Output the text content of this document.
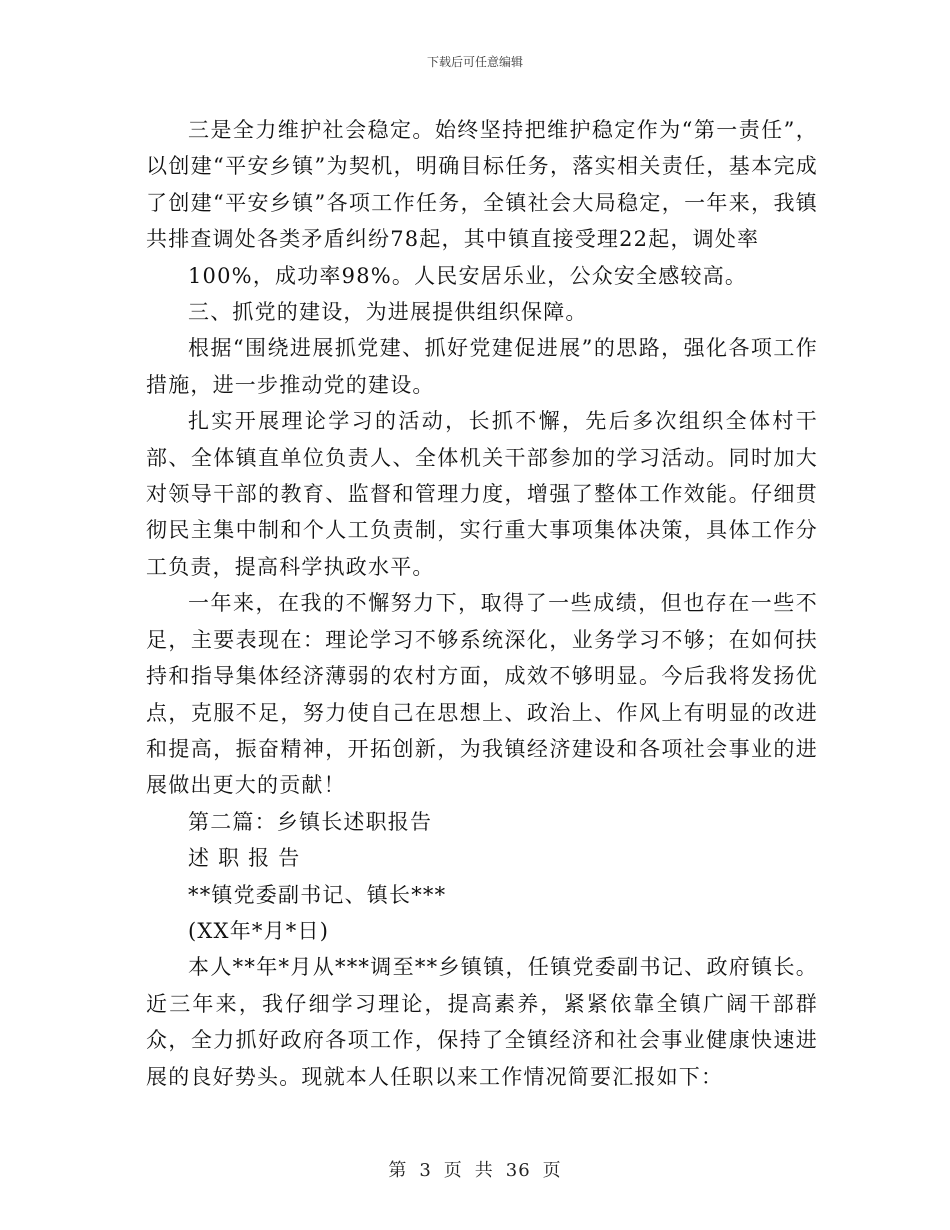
下载后可任意编辑

三是全力维护社会稳定。始终坚持把维护稳定作为“第一责任”，以创建“平安乡镇”为契机，明确目标任务，落实相关责任，基本完成了创建“平安乡镇”各项工作任务，全镇社会大局稳定，一年来，我镇共排查调处各类矛盾纠纷78起，其中镇直接受理22起，调处率

100%，成功率98%。人民安居乐业，公众安全感较高。

三、抓党的建设，为进展提供组织保障。

根据“围绕进展抓党建、抓好党建促进展”的思路，强化各项工作措施，进一步推动党的建设。

扎实开展理论学习的活动，长抓不懈，先后多次组织全体村干部、全体镇直单位负责人、全体机关干部参加的学习活动。同时加大对领导干部的教育、监督和管理力度，增强了整体工作效能。仔细贯彻民主集中制和个人工负责制，实行重大事项集体决策，具体工作分工负责，提高科学执政水平。

一年来，在我的不懈努力下，取得了一些成绩，但也存在一些不足，主要表现在：理论学习不够系统深化，业务学习不够；在如何扶持和指导集体经济薄弱的农村方面，成效不够明显。今后我将发扬优点，克服不足，努力使自己在思想上、政治上、作风上有明显的改进和提高，振奋精神，开拓创新，为我镇经济建设和各项社会事业的进展做出更大的贡献！

第二篇：乡镇长述职报告

述 职 报 告

**镇党委副书记、镇长***

(XX年*月*日)

本人**年*月从***调至**乡镇镇，任镇党委副书记、政府镇长。近三年来，我仔细学习理论，提高素养，紧紧依靠全镇广阔干部群众，全力抓好政府各项工作，保持了全镇经济和社会事业健康快速进展的良好势头。现就本人任职以来工作情况简要汇报如下：

第 3 页 共 36 页
